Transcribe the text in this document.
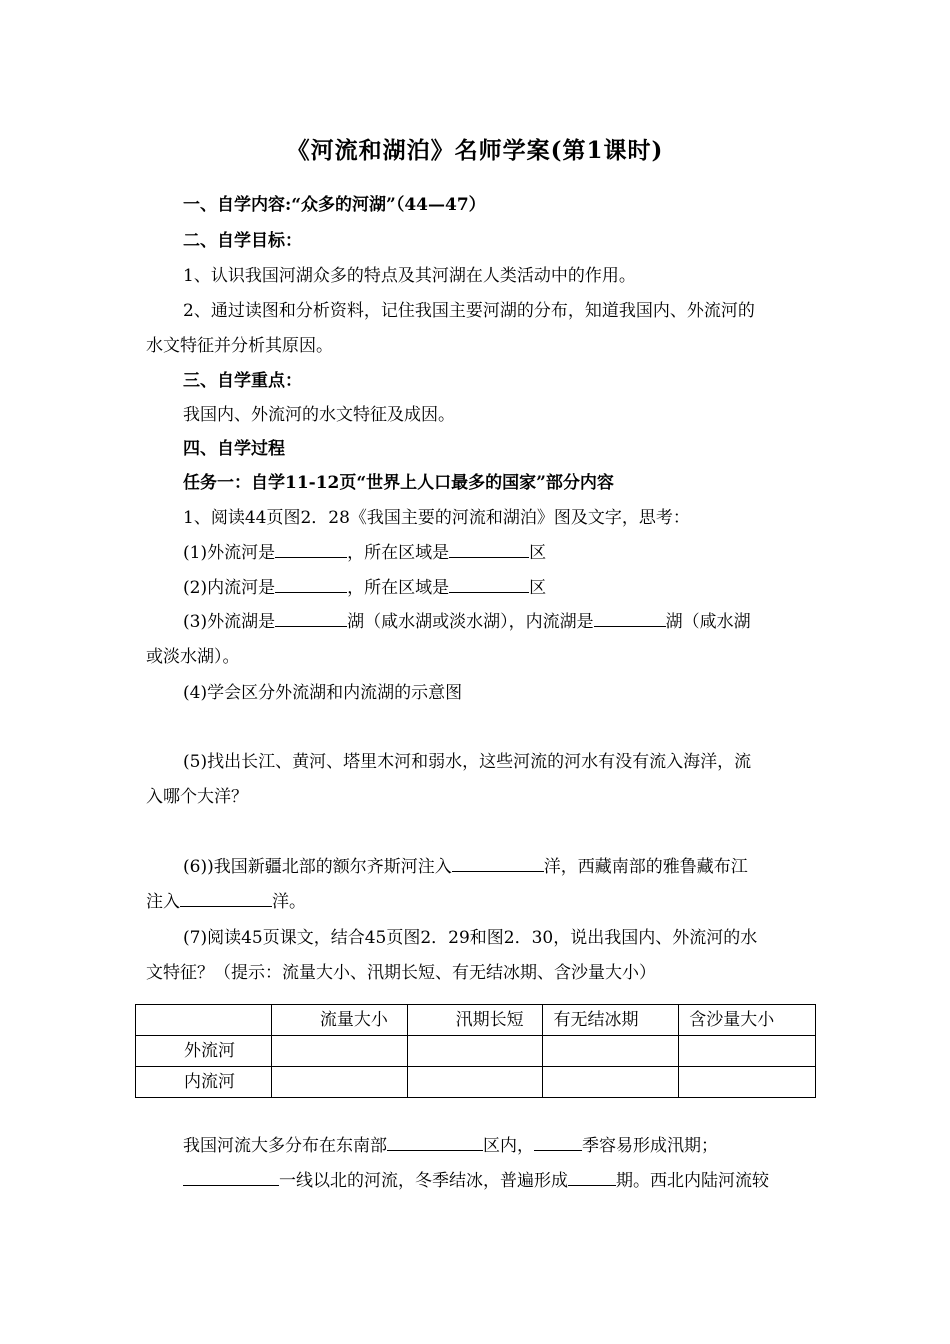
《河流和湖泊》名师学案(第1课时)
一、自学内容:“众多的河湖”（44—47）
二、自学目标：
1、认识我国河湖众多的特点及其河湖在人类活动中的作用。
2、通过读图和分析资料，记住我国主要河湖的分布，知道我国内、外流河的
水文特征并分析其原因。
三、自学重点：
我国内、外流河的水文特征及成因。
四、自学过程
任务一：自学11-12页“世界上人口最多的国家”部分内容
1、阅读44页图2．28《我国主要的河流和湖泊》图及文字，思考：
(1)外流河是	，所在区域是	区
(2)内流河是	，所在区域是	区
(3)外流湖是	湖（咸水湖或淡水湖），内流湖是	湖（咸水湖
或淡水湖）。
(4)学会区分外流湖和内流湖的示意图
(5)找出长江、黄河、塔里木河和弱水，这些河流的河水有没有流入海洋，流
入哪个大洋？
(6))我国新疆北部的额尔齐斯河注入	洋，西藏南部的雅鲁藏布江
注入	洋。
(7)阅读45页课文，结合45页图2．29和图2．30，说出我国内、外流河的水
文特征？（提示：流量大小、汛期长短、有无结冰期、含沙量大小）
	流量大小	汛期长短	有无结冰期	含沙量大小
外流河				
内流河				
我国河流大多分布在东南部	区内，	季容易形成汛期；
一线以北的河流，冬季结冰，普遍形成	期。西北内陆河流较
